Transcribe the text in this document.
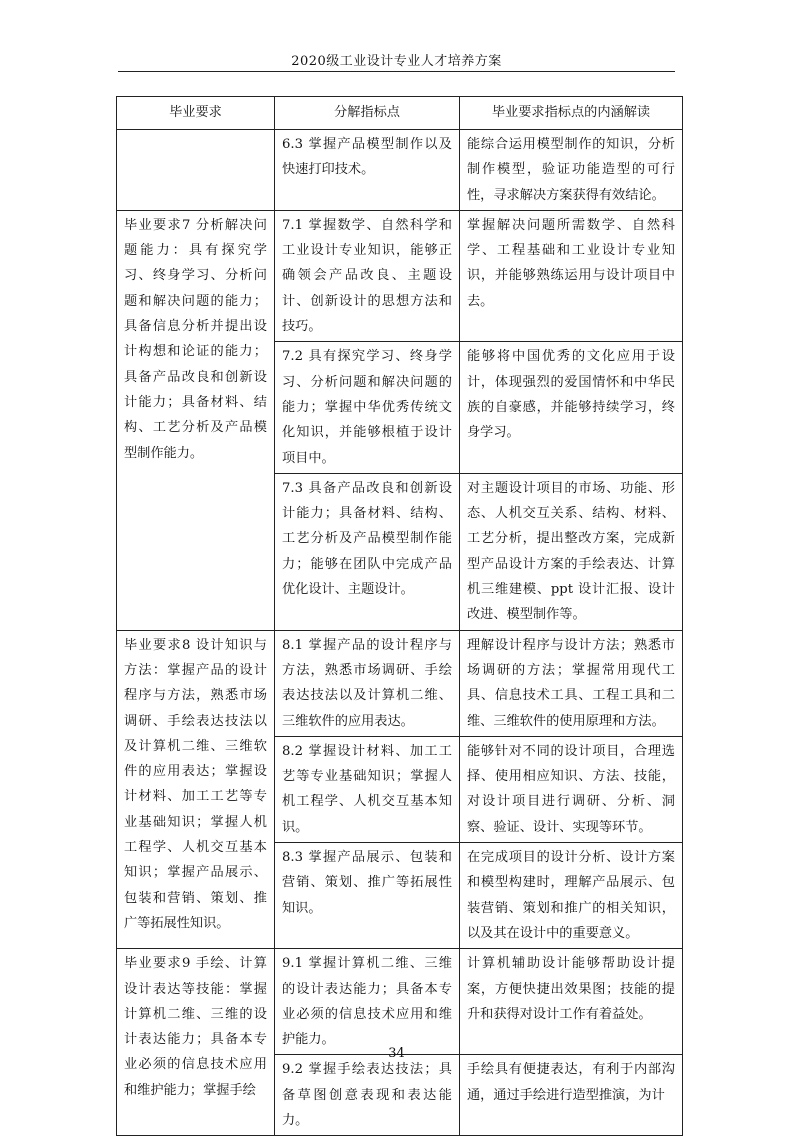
2020级工业设计专业人才培养方案
毕业要求	分解指标点	毕业要求指标点的内涵解读
	6.3 掌握产品模型制作以及快速打印技术。	能综合运用模型制作的知识，分析制作模型，验证功能造型的可行性，寻求解决方案获得有效结论。
毕业要求7 分析解决问题能力：具有探究学习、终身学习、分析问题和解决问题的能力；具备信息分析并提出设计构想和论证的能力；具备产品改良和创新设计能力；具备材料、结构、工艺分析及产品模型制作能力。	7.1 掌握数学、自然科学和工业设计专业知识，能够正确领会产品改良、主题设计、创新设计的思想方法和技巧。	掌握解决问题所需数学、自然科学、工程基础和工业设计专业知识，并能够熟练运用与设计项目中去。
	7.2 具有探究学习、终身学习、分析问题和解决问题的能力；掌握中华优秀传统文化知识，并能够根植于设计项目中。	能够将中国优秀的文化应用于设计，体现强烈的爱国情怀和中华民族的自豪感，并能够持续学习，终身学习。
	7.3 具备产品改良和创新设计能力；具备材料、结构、工艺分析及产品模型制作能力；能够在团队中完成产品优化设计、主题设计。	对主题设计项目的市场、功能、形态、人机交互关系、结构、材料、工艺分析，提出整改方案，完成新型产品设计方案的手绘表达、计算机三维建模、ppt 设计汇报、设计改进、模型制作等。
毕业要求8 设计知识与方法：掌握产品的设计程序与方法，熟悉市场调研、手绘表达技法以及计算机二维、三维软件的应用表达；掌握设计材料、加工工艺等专业基础知识；掌握人机工程学、人机交互基本知识；掌握产品展示、包装和营销、策划、推广等拓展性知识。	8.1 掌握产品的设计程序与方法，熟悉市场调研、手绘表达技法以及计算机二维、三维软件的应用表达。	理解设计程序与设计方法；熟悉市场调研的方法；掌握常用现代工具、信息技术工具、工程工具和二维、三维软件的使用原理和方法。
	8.2 掌握设计材料、加工工艺等专业基础知识；掌握人机工程学、人机交互基本知识。	能够针对不同的设计项目，合理选择、使用相应知识、方法、技能，对设计项目进行调研、分析、洞察、验证、设计、实现等环节。
	8.3 掌握产品展示、包装和营销、策划、推广等拓展性知识。	在完成项目的设计分析、设计方案和模型构建时，理解产品展示、包装营销、策划和推广的相关知识，以及其在设计中的重要意义。
毕业要求9 手绘、计算设计表达等技能：掌握计算机二维、三维的设计表达能力；具备本专业必须的信息技术应用和维护能力；掌握手绘	9.1 掌握计算机二维、三维的设计表达能力；具备本专业必须的信息技术应用和维护能力。	计算机辅助设计能够帮助设计提案，方便快捷出效果图；技能的提升和获得对设计工作有着益处。
	9.2 掌握手绘表达技法；具备草图创意表现和表达能力。	手绘具有便捷表达，有利于内部沟通，通过手绘进行造型推演，为计
34
